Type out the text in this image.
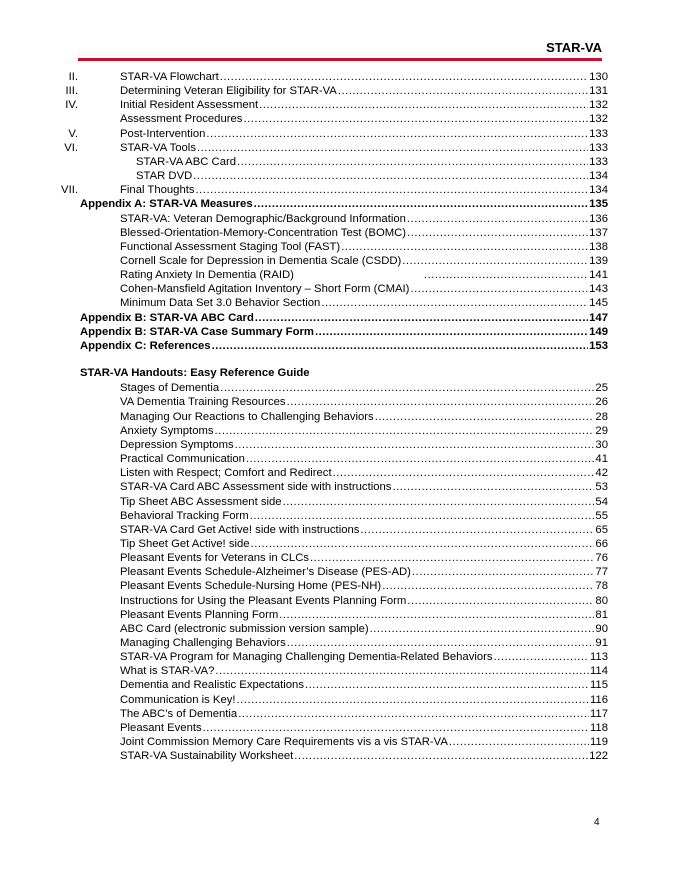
STAR-VA
II.	STAR-VA Flowchart .....	130
III.	Determining Veteran Eligibility for STAR-VA .....	131
IV.	Initial Resident Assessment .....	132
Assessment Procedures .....	132
V.	Post-Intervention .....	133
VI.	STAR-VA Tools .....	133
STAR-VA ABC Card .....	133
STAR DVD .....	134
VII.	Final Thoughts .....	134
Appendix A: STAR-VA Measures .....	135
STAR-VA: Veteran Demographic/Background Information .....	136
Blessed-Orientation-Memory-Concentration Test (BOMC) .....	137
Functional Assessment Staging Tool (FAST) .....	138
Cornell Scale for Depression in Dementia Scale (CSDD) .....	139
Rating Anxiety In Dementia (RAID) .....	141
Cohen-Mansfield Agitation Inventory – Short Form (CMAI) .....	143
Minimum Data Set 3.0 Behavior Section .....	145
Appendix B: STAR-VA ABC Card .....	147
Appendix B: STAR-VA Case Summary Form .....	149
Appendix C: References .....	153
STAR-VA Handouts: Easy Reference Guide
Stages of Dementia .....	25
VA Dementia Training Resources .....	26
Managing Our Reactions to Challenging Behaviors .....	28
Anxiety Symptoms .....	29
Depression Symptoms .....	30
Practical Communication .....	41
Listen with Respect; Comfort and Redirect .....	42
STAR-VA Card ABC Assessment side with instructions .....	53
Tip Sheet ABC Assessment side .....	54
Behavioral Tracking Form .....	55
STAR-VA Card Get Active! side with instructions .....	65
Tip Sheet Get Active! side .....	66
Pleasant Events for Veterans in CLCs .....	76
Pleasant Events Schedule-Alzheimer’s Disease (PES-AD) .....	77
Pleasant Events Schedule-Nursing Home (PES-NH) .....	78
Instructions for Using the Pleasant Events Planning Form .....	80
Pleasant Events Planning Form .....	81
ABC Card (electronic submission version sample) .....	90
Managing Challenging Behaviors .....	91
STAR-VA Program for Managing Challenging Dementia-Related Behaviors .....	113
What is STAR-VA? .....	114
Dementia and Realistic Expectations .....	115
Communication is Key! .....	116
The ABC’s of Dementia .....	117
Pleasant Events .....	118
Joint Commission Memory Care Requirements vis a vis STAR-VA .....	119
STAR-VA Sustainability Worksheet .....	122
4
